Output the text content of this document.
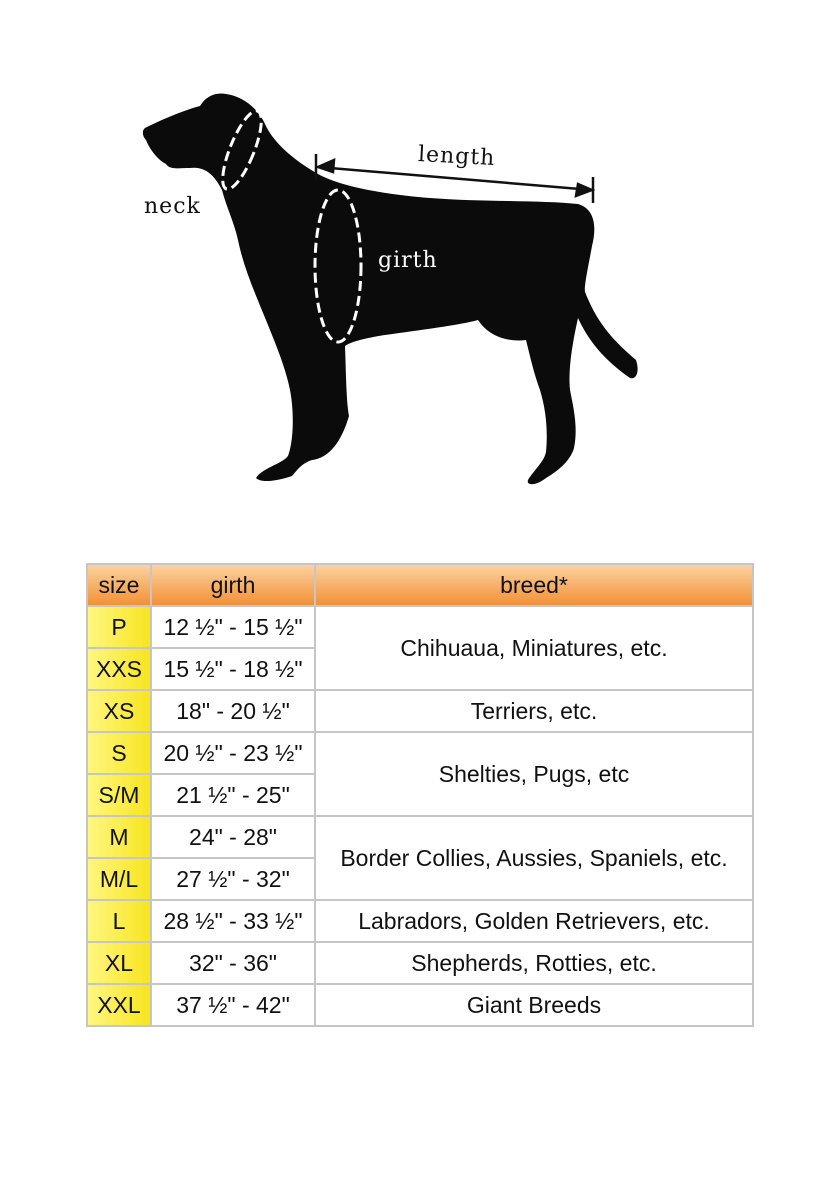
neck
length
girth
size	girth	breed*
P	12 ½" - 15 ½"	Chihuaua, Miniatures, etc.
XXS	15 ½" - 18 ½"	
XS	18" - 20 ½"	Terriers, etc.
S	20 ½" - 23 ½"	Shelties, Pugs, etc
S/M	21 ½" - 25"	
M	24" - 28"	Border Collies, Aussies, Spaniels, etc.
M/L	27 ½" - 32"	
L	28 ½" - 33 ½"	Labradors, Golden Retrievers, etc.
XL	32" - 36"	Shepherds, Rotties, etc.
XXL	37 ½" - 42"	Giant Breeds
